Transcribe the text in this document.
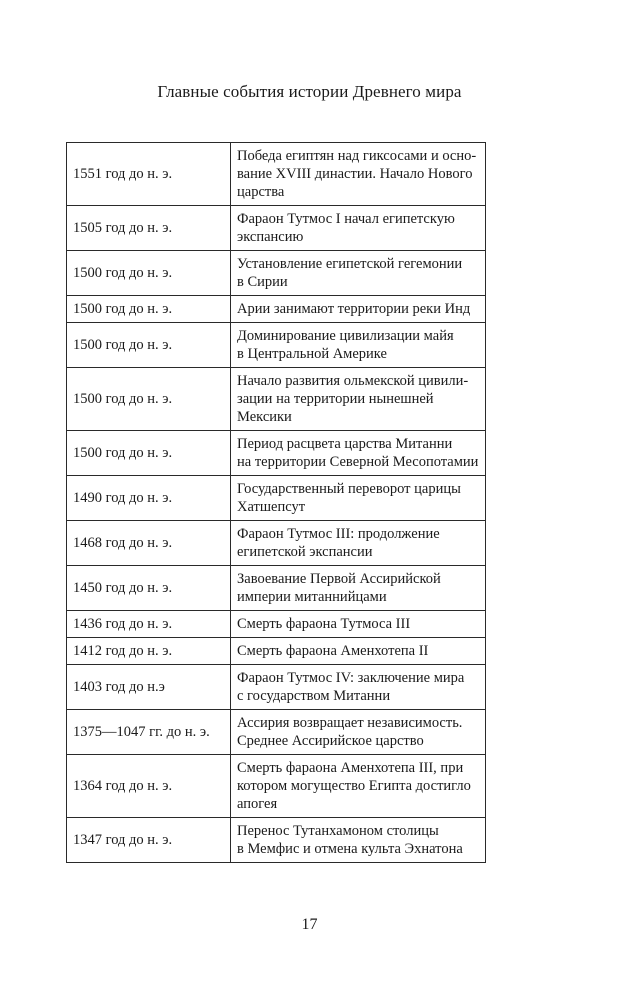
Главные события истории Древнего мира
1551 год до н. э.	Победа египтян над гиксосами и осно-
вание XVIII династии. Начало Нового
царства

1505 год до н. э.	Фараон Тутмос I начал египетскую
экспансию

1500 год до н. э.	Установление египетской гегемонии
в Сирии

1500 год до н. э.	Арии занимают территории реки Инд

1500 год до н. э.	Доминирование цивилизации майя
в Центральной Америке

1500 год до н. э.	Начало развития ольмекской цивили-
зации на территории нынешней
Мексики

1500 год до н. э.	Период расцвета царства Митанни
на территории Северной Месопотамии

1490 год до н. э.	Государственный переворот царицы
Хатшепсут

1468 год до н. э.	Фараон Тутмос III: продолжение
египетской экспансии

1450 год до н. э.	Завоевание Первой Ассирийской
империи митаннийцами

1436 год до н. э.	Смерть фараона Тутмоса III

1412 год до н. э.	Смерть фараона Аменхотепа II

1403 год до н.э	Фараон Тутмос IV: заключение мира
с государством Митанни

1375—1047 гг. до н. э.	Ассирия возвращает независимость.
Среднее Ассирийское царство

1364 год до н. э.	Смерть фараона Аменхотепа III, при
котором могущество Египта достигло
апогея

1347 год до н. э.	Перенос Тутанхамоном столицы
в Мемфис и отмена культа Эхнатона
17
